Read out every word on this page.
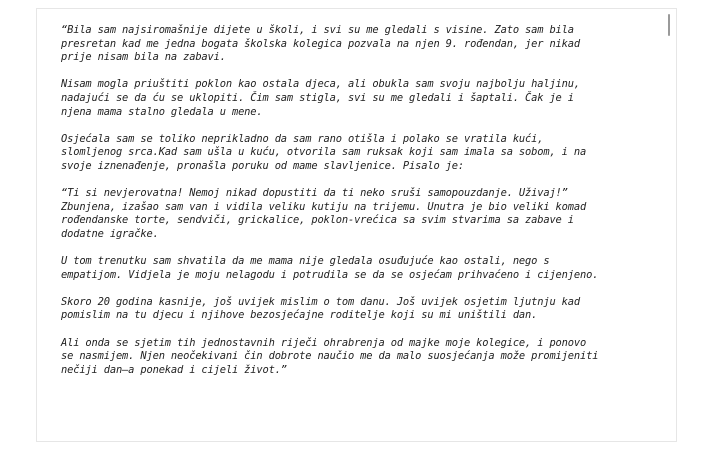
“Bila sam najsiromašnije dijete u školi, i svi su me gledali s visine. Zato sam bila
presretan kad me jedna bogata školska kolegica pozvala na njen 9. rođendan, jer nikad
prije nisam bila na zabavi.

Nisam mogla priuštiti poklon kao ostala djeca, ali obukla sam svoju najbolju haljinu,
nadajući se da ću se uklopiti. Čim sam stigla, svi su me gledali i šaptali. Čak je i
njena mama stalno gledala u mene.

Osjećala sam se toliko neprikladno da sam rano otišla i polako se vratila kući,
slomljenog srca.Kad sam ušla u kuću, otvorila sam ruksak koji sam imala sa sobom, i na
svoje iznenađenje, pronašla poruku od mame slavljenice. Pisalo je:

“Ti si nevjerovatna! Nemoj nikad dopustiti da ti neko sruši samopouzdanje. Uživaj!”
Zbunjena, izašao sam van i vidila veliku kutiju na trijemu. Unutra je bio veliki komad
rođendanske torte, sendviči, grickalice, poklon-vrećica sa svim stvarima sa zabave i
dodatne igračke.

U tom trenutku sam shvatila da me mama nije gledala osuđujuće kao ostali, nego s
empatijom. Vidjela je moju nelagodu i potrudila se da se osjećam prihvaćeno i cijenjeno.

Skoro 20 godina kasnije, još uvijek mislim o tom danu. Još uvijek osjetim ljutnju kad
pomislim na tu djecu i njihove bezosjećajne roditelje koji su mi uništili dan.

Ali onda se sjetim tih jednostavnih riječi ohrabrenja od majke moje kolegice, i ponovo
se nasmijem. Njen neočekivani čin dobrote naučio me da malo suosjećanja može promijeniti
nečiji dan—a ponekad i cijeli život.”
